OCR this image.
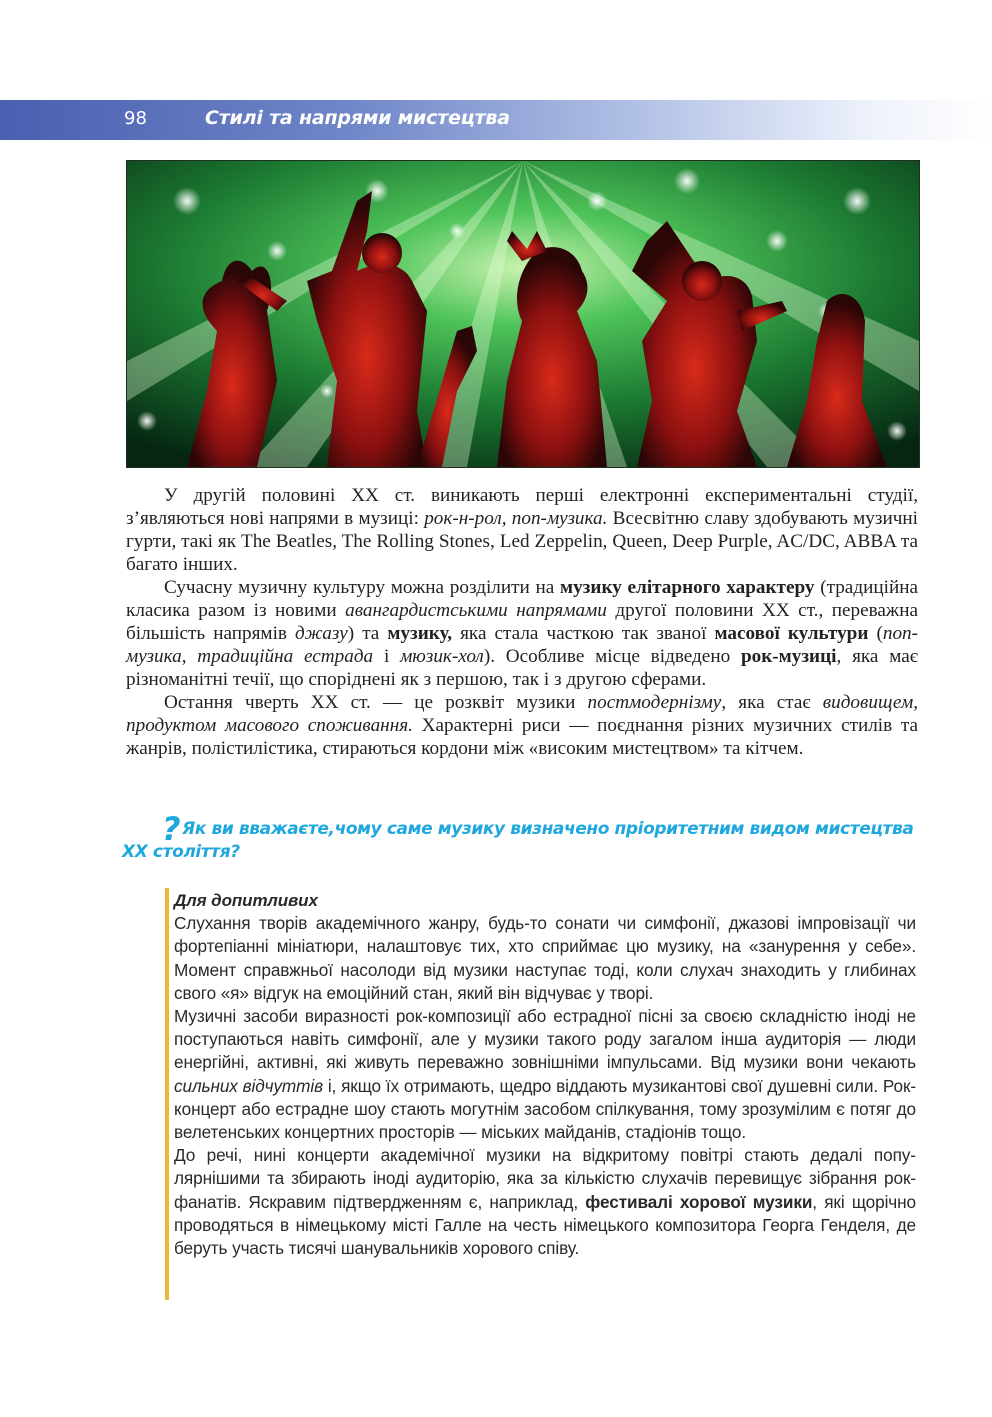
98	Стилі та напрями мистецтва

У другій половині XX ст. виникають перші електронні експериментальні студії, з’являються нові напрями в музиці: рок-н-рол, поп-музика. Всесвітню славу здобувають музичні гурти, такі як The Beatles, The Rolling Stones, Led Zeppelin, Queen, Deep Purple, AC/DC, ABBA та багато інших.

Сучасну музичну культуру можна розділити на музику елітарного характеру (традиційна класика разом із новими авангардистськими напрямами другої половини XX ст., переважна більшість напрямів джазу) та музику, яка стала часткою так званої масової культури (поп-музика, традиційна естрада і мюзик-хол). Особливе місце відведено рок-музиці, яка має різноманітні течії, що споріднені як з першою, так і з другою сферами.

Остання чверть XX ст. — це розквіт музики постмодернізму, яка стає видовищем, продуктом масового споживання. Характерні риси — поєднання різних музичних стилів та жанрів, полістилістика, стираються кордони між «високим мистецтвом» та кітчем.

? Як ви вважаєте,чому саме музику визначено пріоритетним видом мистецтва XX століття?
Для допитливих

Слухання творів академічного жанру, будь-то сонати чи симфонії, джазові імпровізації чи фортепіанні мініатюри, налаштовує тих, хто сприймає цю музику, на «занурення у себе». Момент справжньої насолоди від музики наступає тоді, коли слухач знаходить у глибинах свого «я» відгук на емоційний стан, який він відчуває у творі.

Музичні засоби виразності рок-композиції або естрадної пісні за своєю складністю іноді не поступаються навіть симфонії, але у музики такого роду загалом інша аудиторія — люди енергійні, активні, які живуть переважно зовнішніми імпульсами. Від музики вони чекають сильних відчуттів і, якщо їх отримають, щедро віддають музикантові свої душевні сили. Рок-концерт або естрадне шоу стають могутнім засобом спілкування, тому зрозумілим є потяг до велетенських концертних просторів — міських майданів, стадіонів тощо.

До речі, нині концерти академічної музики на відкритому повітрі стають дедалі популярнішими та збирають іноді аудиторію, яка за кількістю слухачів перевищує зібрання рок-фанатів. Яскравим підтвердженням є, наприклад, фестивалі хорової музики, які щорічно проводяться в німецькому місті Галле на честь німецького композитора Георга Генделя, де беруть участь тисячі шанувальників хорового співу.
